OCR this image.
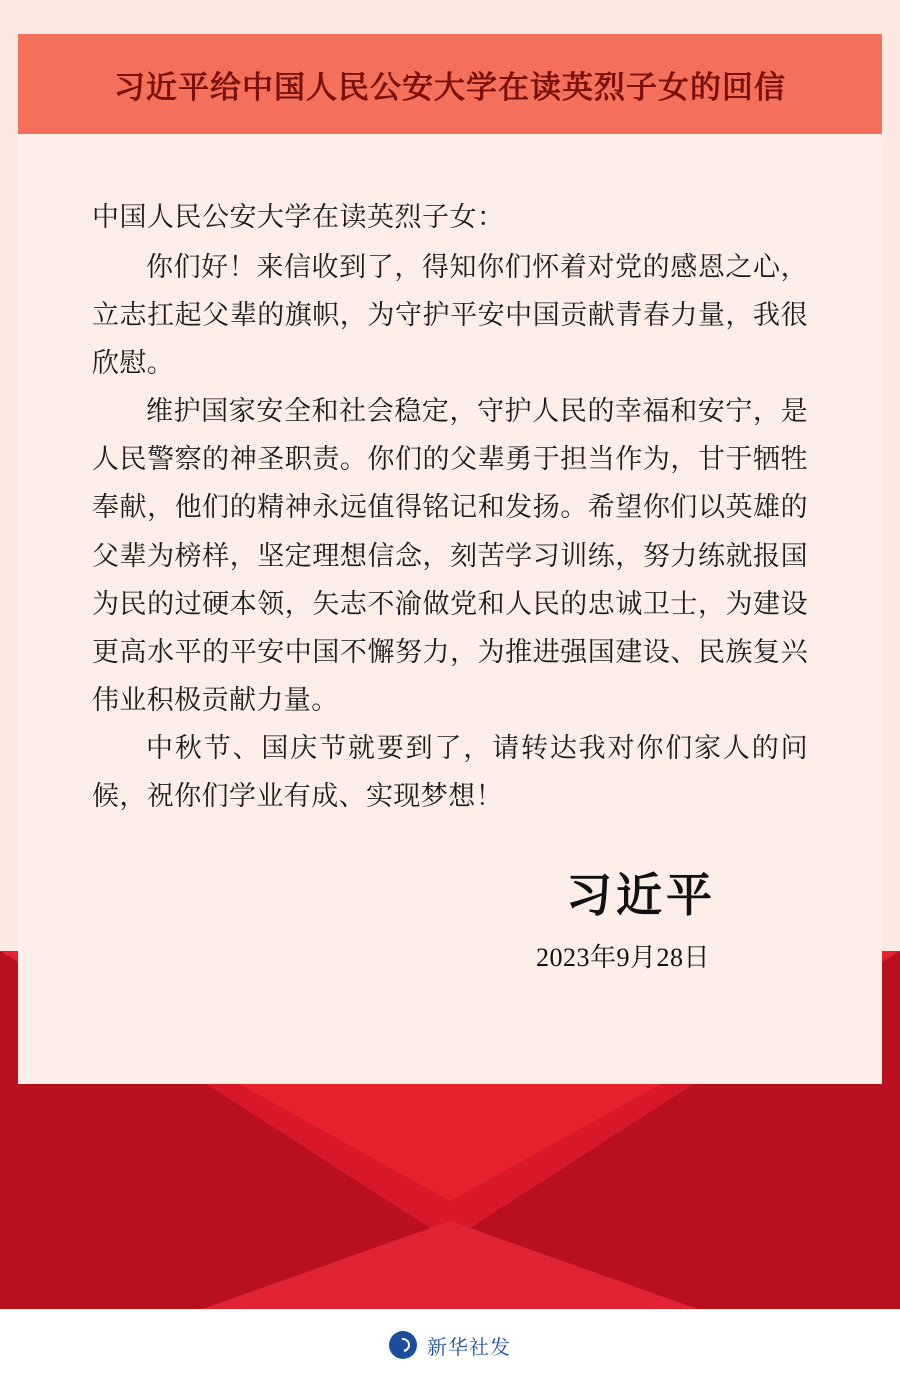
习近平给中国人民公安大学在读英烈子女的回信

中国人民公安大学在读英烈子女：

你们好！来信收到了，得知你们怀着对党的感恩之心，立志扛起父辈的旗帜，为守护平安中国贡献青春力量，我很欣慰。

维护国家安全和社会稳定，守护人民的幸福和安宁，是人民警察的神圣职责。你们的父辈勇于担当作为，甘于牺牲奉献，他们的精神永远值得铭记和发扬。希望你们以英雄的父辈为榜样，坚定理想信念，刻苦学习训练，努力练就报国为民的过硬本领，矢志不渝做党和人民的忠诚卫士，为建设更高水平的平安中国不懈努力，为推进强国建设、民族复兴伟业积极贡献力量。

中秋节、国庆节就要到了，请转达我对你们家人的问候，祝你们学业有成、实现梦想！

习近平
2023年9月28日
新华社发
